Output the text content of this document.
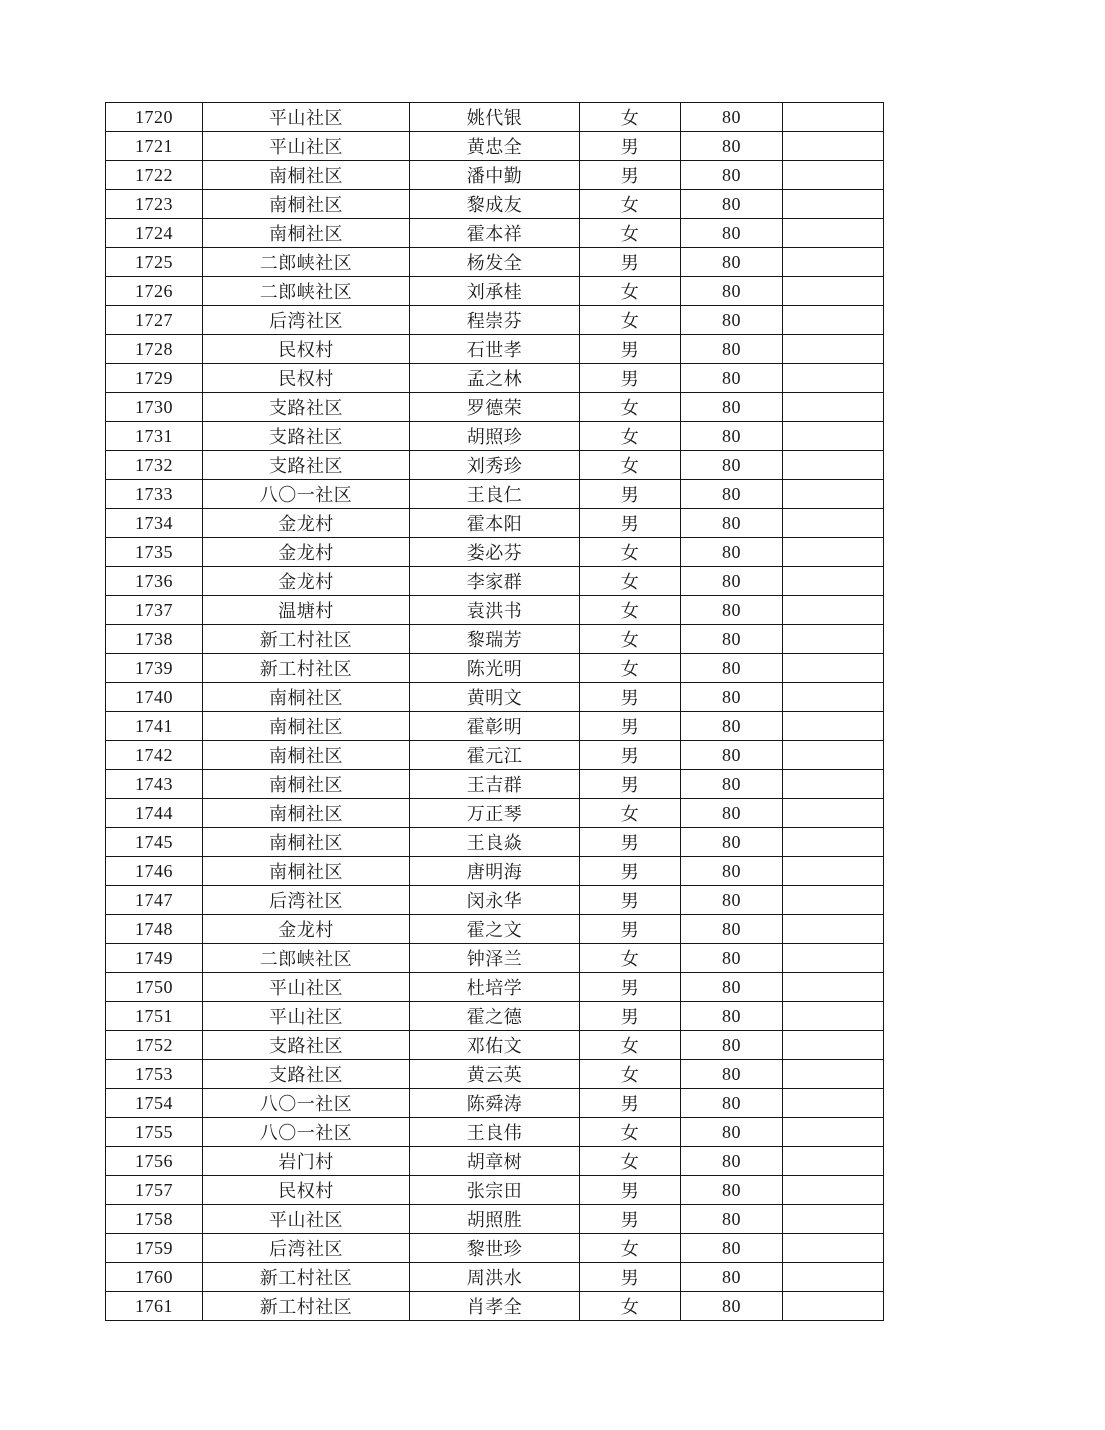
1720	平山社区	姚代银	女	80	
1721	平山社区	黄忠全	男	80	
1722	南桐社区	潘中勤	男	80	
1723	南桐社区	黎成友	女	80	
1724	南桐社区	霍本祥	女	80	
1725	二郎峡社区	杨发全	男	80	
1726	二郎峡社区	刘承桂	女	80	
1727	后湾社区	程崇芬	女	80	
1728	民权村	石世孝	男	80	
1729	民权村	孟之林	男	80	
1730	支路社区	罗德荣	女	80	
1731	支路社区	胡照珍	女	80	
1732	支路社区	刘秀珍	女	80	
1733	八〇一社区	王良仁	男	80	
1734	金龙村	霍本阳	男	80	
1735	金龙村	娄必芬	女	80	
1736	金龙村	李家群	女	80	
1737	温塘村	袁洪书	女	80	
1738	新工村社区	黎瑞芳	女	80	
1739	新工村社区	陈光明	女	80	
1740	南桐社区	黄明文	男	80	
1741	南桐社区	霍彰明	男	80	
1742	南桐社区	霍元江	男	80	
1743	南桐社区	王吉群	男	80	
1744	南桐社区	万正琴	女	80	
1745	南桐社区	王良焱	男	80	
1746	南桐社区	唐明海	男	80	
1747	后湾社区	闵永华	男	80	
1748	金龙村	霍之文	男	80	
1749	二郎峡社区	钟泽兰	女	80	
1750	平山社区	杜培学	男	80	
1751	平山社区	霍之德	男	80	
1752	支路社区	邓佑文	女	80	
1753	支路社区	黄云英	女	80	
1754	八〇一社区	陈舜涛	男	80	
1755	八〇一社区	王良伟	女	80	
1756	岩门村	胡章树	女	80	
1757	民权村	张宗田	男	80	
1758	平山社区	胡照胜	男	80	
1759	后湾社区	黎世珍	女	80	
1760	新工村社区	周洪水	男	80	
1761	新工村社区	肖孝全	女	80	
